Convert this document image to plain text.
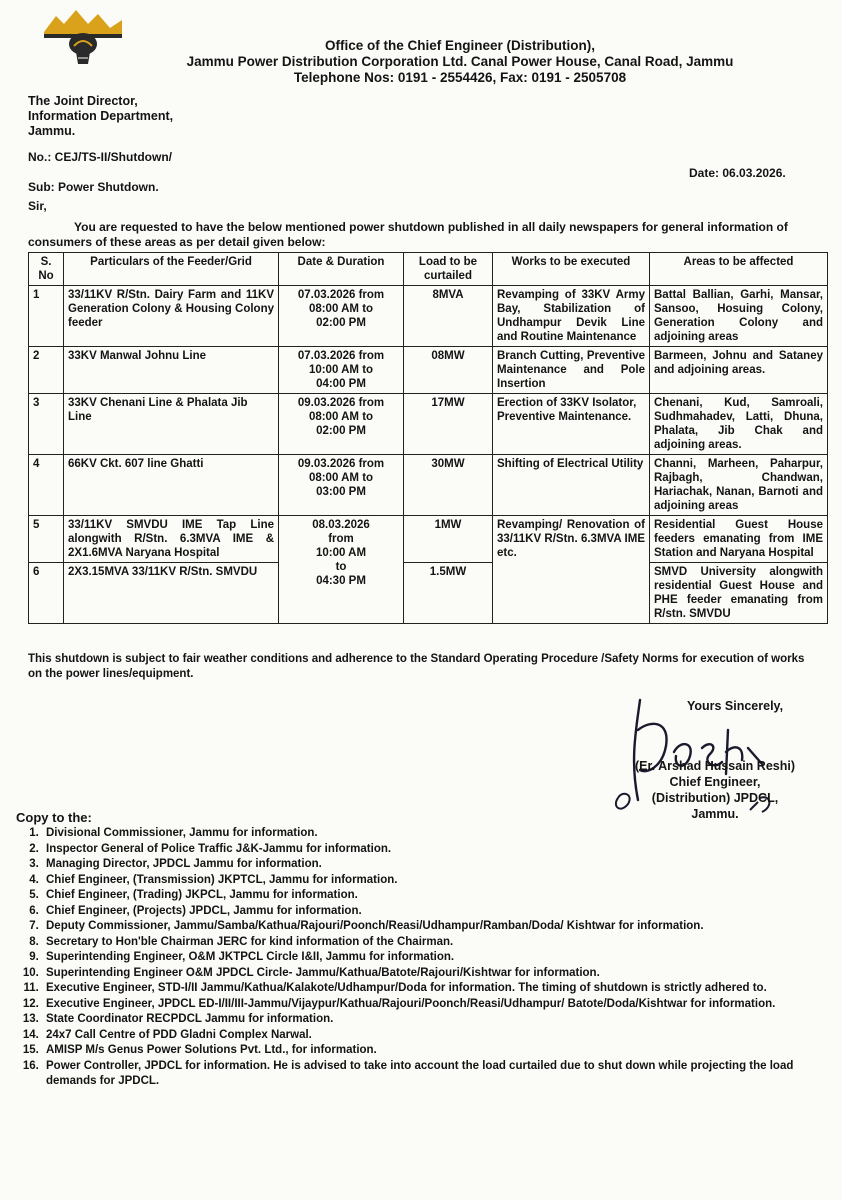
Office of the Chief Engineer (Distribution),
Jammu Power Distribution Corporation Ltd. Canal Power House, Canal Road, Jammu
Telephone Nos: 0191 - 2554426, Fax: 0191 - 2505708
The Joint Director,
Information Department,
Jammu.
No.: CEJ/TS-II/Shutdown/
Date: 06.03.2026.
Sub: Power Shutdown.
Sir,
You are requested to have the below mentioned power shutdown published in all daily newspapers for general information of consumers of these areas as per detail given below:
S. No	Particulars of the Feeder/Grid	Date & Duration	Load to be curtailed	Works to be executed	Areas to be affected
1	33/11KV R/Stn. Dairy Farm and 11KV Generation Colony & Housing Colony feeder	07.03.2026 from
08:00 AM to
02:00 PM	8MVA	Revamping of 33KV Army Bay, Stabilization of Undhampur Devik Line and Routine Maintenance	Battal Ballian, Garhi, Mansar, Sansoo, Hosuing Colony, Generation Colony and adjoining areas
2	33KV Manwal Johnu Line	07.03.2026 from
10:00 AM to
04:00 PM	08MW	Branch Cutting, Preventive Maintenance and Pole Insertion	Barmeen, Johnu and Sataney and adjoining areas.
3	33KV Chenani Line & Phalata Jib Line	09.03.2026 from
08:00 AM to
02:00 PM	17MW	Erection of 33KV Isolator, Preventive Maintenance.	Chenani, Kud, Samroali, Sudhmahadev, Latti, Dhuna, Phalata, Jib Chak and adjoining areas.
4	66KV Ckt. 607 line Ghatti	09.03.2026 from
08:00 AM to
03:00 PM	30MW	Shifting of Electrical Utility	Channi, Marheen, Paharpur, Rajbagh, Chandwan, Hariachak, Nanan, Barnoti and adjoining areas
5	33/11KV SMVDU IME Tap Line alongwith R/Stn. 6.3MVA IME & 2X1.6MVA Naryana Hospital	08.03.2026
from
10:00 AM
to
04:30 PM	1MW	Revamping/ Renovation of 33/11KV R/Stn. 6.3MVA IME etc.	Residential Guest House feeders emanating from IME Station and Naryana Hospital
6	2X3.15MVA 33/11KV R/Stn. SMVDU		1.5MW		SMVD University alongwith residential Guest House and PHE feeder emanating from R/stn. SMVDU
This shutdown is subject to fair weather conditions and adherence to the Standard Operating Procedure /Safety Norms for execution of works on the power lines/equipment.
Yours Sincerely,
(Er. Arshad Hussain Reshi)
Chief Engineer,
(Distribution) JPDCL,
Jammu.
Copy to the:
1. Divisional Commissioner, Jammu for information.
2. Inspector General of Police Traffic J&K-Jammu for information.
3. Managing Director, JPDCL Jammu for information.
4. Chief Engineer, (Transmission) JKPTCL, Jammu for information.
5. Chief Engineer, (Trading) JKPCL, Jammu for information.
6. Chief Engineer, (Projects) JPDCL, Jammu for information.
7. Deputy Commissioner, Jammu/Samba/Kathua/Rajouri/Poonch/Reasi/Udhampur/Ramban/Doda/ Kishtwar for information.
8. Secretary to Hon'ble Chairman JERC for kind information of the Chairman.
9. Superintending Engineer, O&M JKTPCL Circle I&II, Jammu for information.
10. Superintending Engineer O&M JPDCL Circle- Jammu/Kathua/Batote/Rajouri/Kishtwar for information.
11. Executive Engineer, STD-I/II Jammu/Kathua/Kalakote/Udhampur/Doda for information. The timing of shutdown is strictly adhered to.
12. Executive Engineer, JPDCL ED-I/II/III-Jammu/Vijaypur/Kathua/Rajouri/Poonch/Reasi/Udhampur/ Batote/Doda/Kishtwar for information.
13. State Coordinator RECPDCL Jammu for information.
14. 24x7 Call Centre of PDD Gladni Complex Narwal.
15. AMISP M/s Genus Power Solutions Pvt. Ltd., for information.
16. Power Controller, JPDCL for information. He is advised to take into account the load curtailed due to shut down while projecting the load demands for JPDCL.
